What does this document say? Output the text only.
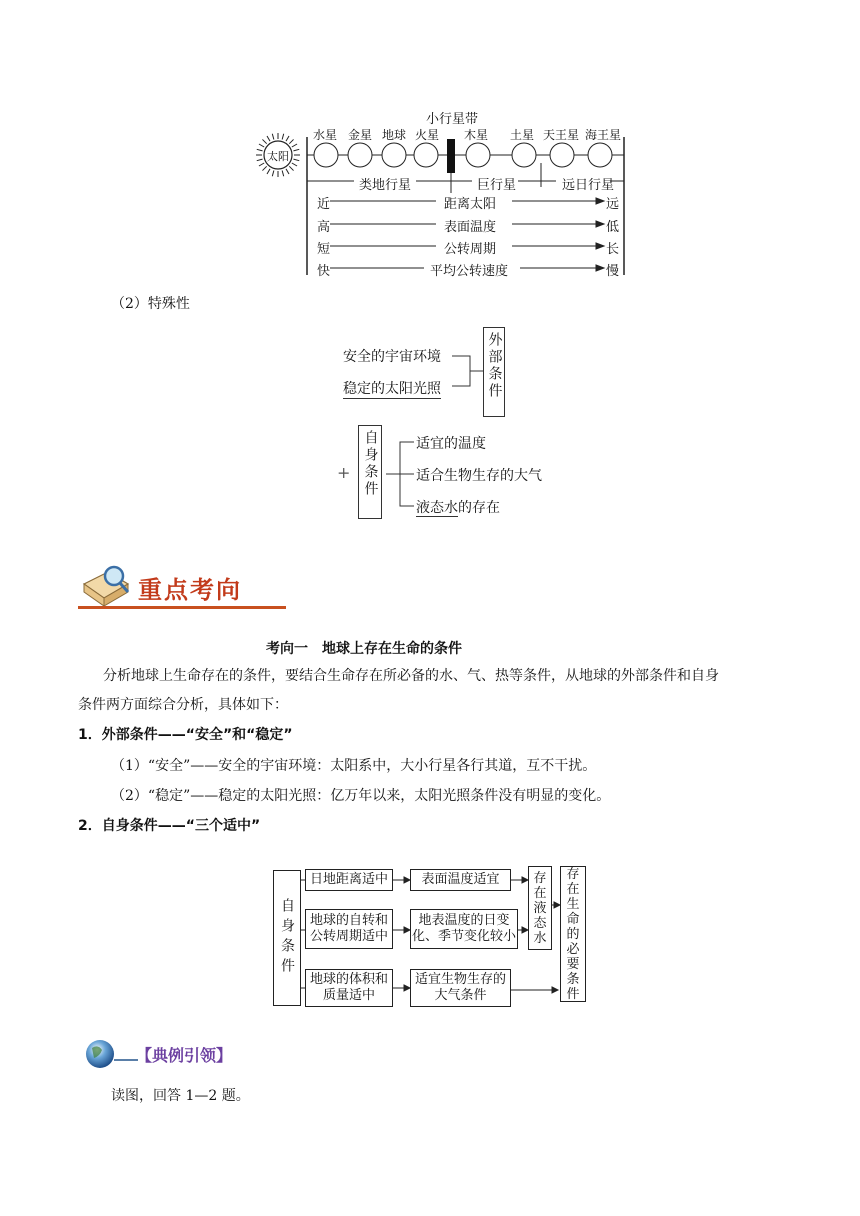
小行星带
太阳
水星 金星 地球 火星 木星 土星 天王星 海王星
类地行星	巨行星	远日行星
近	距离太阳	远
高	表面温度	低
短	公转周期	长
快	平均公转速度	慢
（2）特殊性
安全的宇宙环境
稳定的太阳光照	外部条件
+ 自身条件	适宜的温度
适合生物生存的大气
液态水的存在
重点考向
考向一　地球上存在生命的条件
分析地球上生命存在的条件，要结合生命存在所必备的水、气、热等条件，从地球的外部条件和自身
条件两方面综合分析，具体如下：
1．外部条件——“安全”和“稳定”
（1）“安全”——安全的宇宙环境：太阳系中，大小行星各行其道，互不干扰。
（2）“稳定”——稳定的太阳光照：亿万年以来，太阳光照条件没有明显的变化。
2．自身条件——“三个适中”
自身条件
日地距离适中	表面温度适宜
地球的自转和公转周期适中
地表温度的日变化、季节变化较小
地球的体积和质量适中
适宜生物生存的大气条件
存在液态水
存在生命的必要条件
【典例引领】
读图，回答 1—2 题。
